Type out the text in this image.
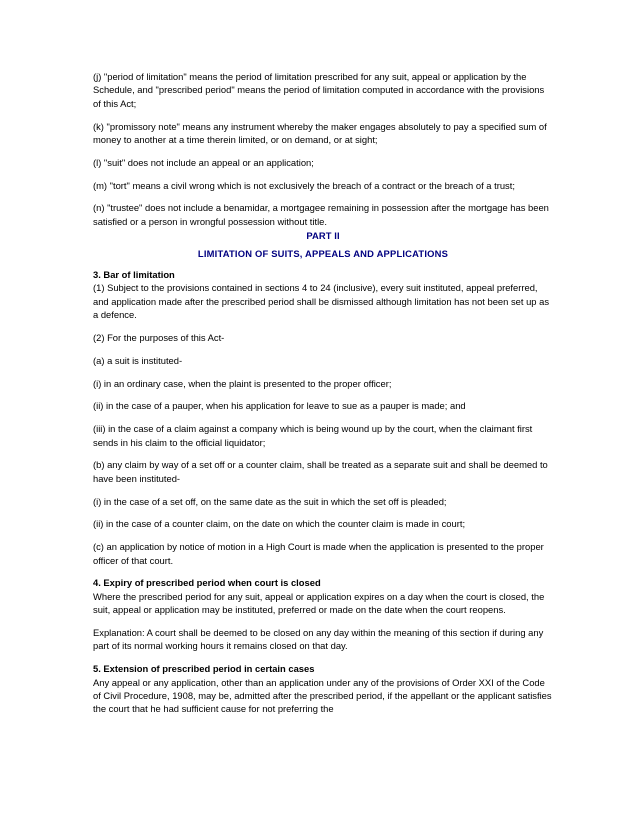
(j) "period of limitation" means the period of limitation prescribed for any suit, appeal or application by the Schedule, and "prescribed period" means the period of limitation computed in accordance with the provisions of this Act;

(k) "promissory note" means any instrument whereby the maker engages absolutely to pay a specified sum of money to another at a time therein limited, or on demand, or at sight;

(l) "suit" does not include an appeal or an application;

(m) "tort" means a civil wrong which is not exclusively the breach of a contract or the breach of a trust;

(n) "trustee" does not include a benamidar, a mortgagee remaining in possession after the mortgage has been satisfied or a person in wrongful possession without title.

PART II
LIMITATION OF SUITS, APPEALS AND APPLICATIONS
3. Bar of limitation
(1) Subject to the provisions contained in sections 4 to 24 (inclusive), every suit instituted, appeal preferred, and application made after the prescribed period shall be dismissed although limitation has not been set up as a defence.

(2) For the purposes of this Act-

(a) a suit is instituted-

(i) in an ordinary case, when the plaint is presented to the proper officer;

(ii) in the case of a pauper, when his application for leave to sue as a pauper is made; and

(iii) in the case of a claim against a company which is being wound up by the court, when the claimant first sends in his claim to the official liquidator;

(b) any claim by way of a set off or a counter claim, shall be treated as a separate suit and shall be deemed to have been instituted-

(i) in the case of a set off, on the same date as the suit in which the set off is pleaded;

(ii) in the case of a counter claim, on the date on which the counter claim is made in court;

(c) an application by notice of motion in a High Court is made when the application is presented to the proper officer of that court.

4. Expiry of prescribed period when court is closed
Where the prescribed period for any suit, appeal or application expires on a day when the court is closed, the suit, appeal or application may be instituted, preferred or made on the date when the court reopens.

Explanation: A court shall be deemed to be closed on any day within the meaning of this section if during any part of its normal working hours it remains closed on that day.

5. Extension of prescribed period in certain cases
Any appeal or any application, other than an application under any of the provisions of Order XXI of the Code of Civil Procedure, 1908, may be, admitted after the prescribed period, if the appellant or the applicant satisfies the court that he had sufficient cause for not preferring the
